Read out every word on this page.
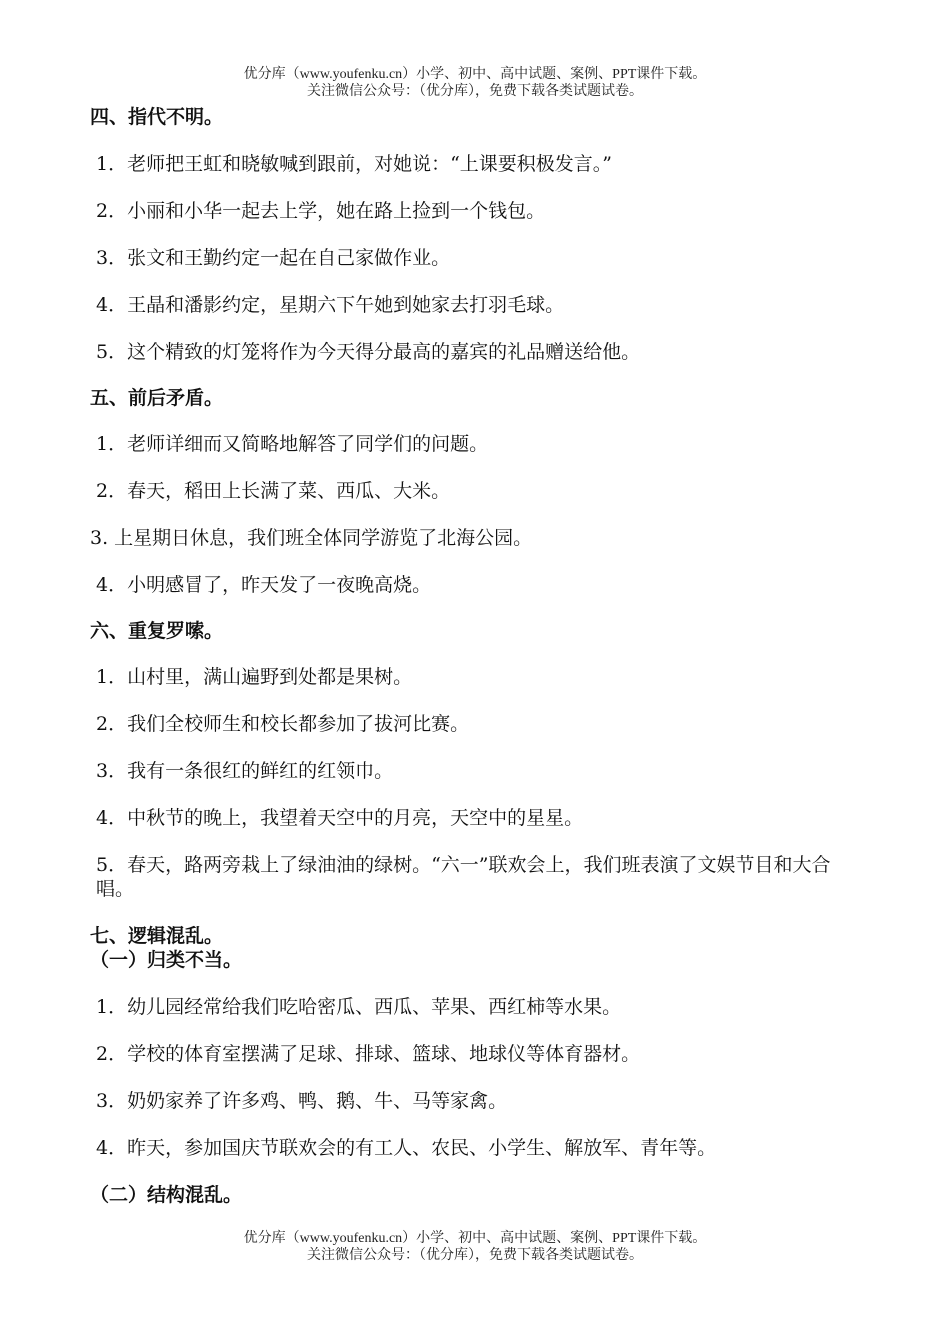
优分库（www.youfenku.cn）小学、初中、高中试题、案例、PPT课件下载。
关注微信公众号：（优分库），免费下载各类试题试卷。
四、指代不明。
1．老师把王虹和晓敏喊到跟前，对她说：“上课要积极发言。”
2．小丽和小华一起去上学，她在路上捡到一个钱包。
3．张文和王勤约定一起在自己家做作业。
4．王晶和潘影约定，星期六下午她到她家去打羽毛球。
5．这个精致的灯笼将作为今天得分最高的嘉宾的礼品赠送给他。
五、前后矛盾。
1．老师详细而又简略地解答了同学们的问题。
2．春天，稻田上长满了菜、西瓜、大米。
3. 上星期日休息，我们班全体同学游览了北海公园。
4．小明感冒了，昨天发了一夜晚高烧。
六、重复罗嗦。
1．山村里，满山遍野到处都是果树。
2．我们全校师生和校长都参加了拔河比赛。
3．我有一条很红的鲜红的红领巾。
4．中秋节的晚上，我望着天空中的月亮，天空中的星星。
5．春天，路两旁栽上了绿油油的绿树。“六一”联欢会上，我们班表演了文娱节目和大合唱。
七、逻辑混乱。
（一）归类不当。
1．幼儿园经常给我们吃哈密瓜、西瓜、苹果、西红柿等水果。
2．学校的体育室摆满了足球、排球、篮球、地球仪等体育器材。
3．奶奶家养了许多鸡、鸭、鹅、牛、马等家禽。
4．昨天，参加国庆节联欢会的有工人、农民、小学生、解放军、青年等。
（二）结构混乱。
优分库（www.youfenku.cn）小学、初中、高中试题、案例、PPT课件下载。
关注微信公众号：（优分库），免费下载各类试题试卷。
